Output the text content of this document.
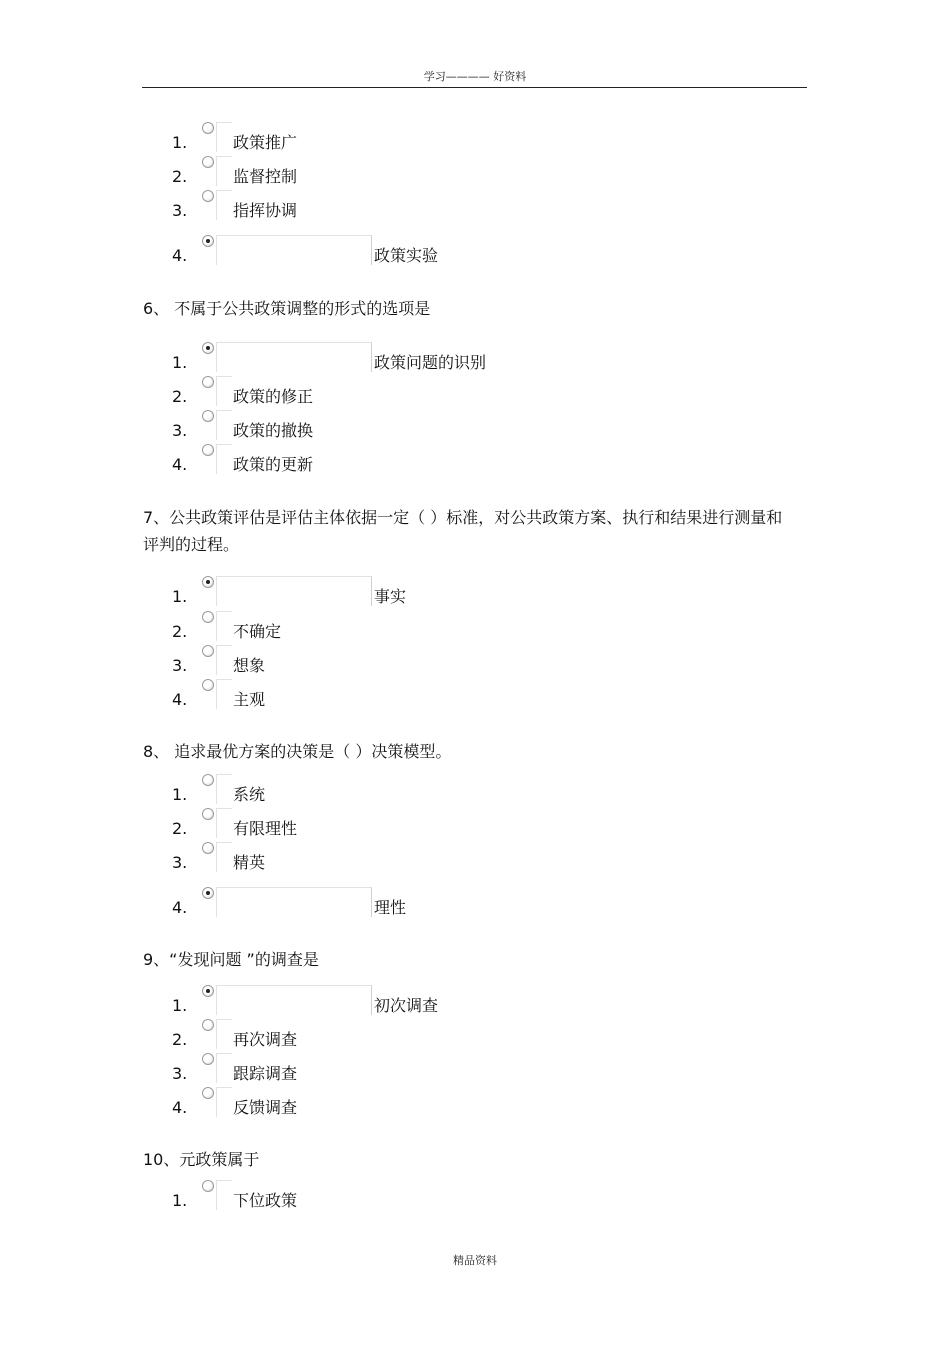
学习———— 好资料
1.	政策推广
2.	监督控制
3.	指挥协调
4.	政策实验
6、 不属于公共政策调整的形式的选项是
1.	政策问题的识别
2.	政策的修正
3.	政策的撤换
4.	政策的更新
7、公共政策评估是评估主体依据一定（ ）标准，对公共政策方案、执行和结果进行测量和评判的过程。
1.	事实
2.	不确定
3.	想象
4.	主观
8、 追求最优方案的决策是（ ）决策模型。
1.	系统
2.	有限理性
3.	精英
4.	理性
9、“发现问题 ”的调查是
1.	初次调查
2.	再次调查
3.	跟踪调查
4.	反馈调查
10、元政策属于
1.	下位政策
精品资料
